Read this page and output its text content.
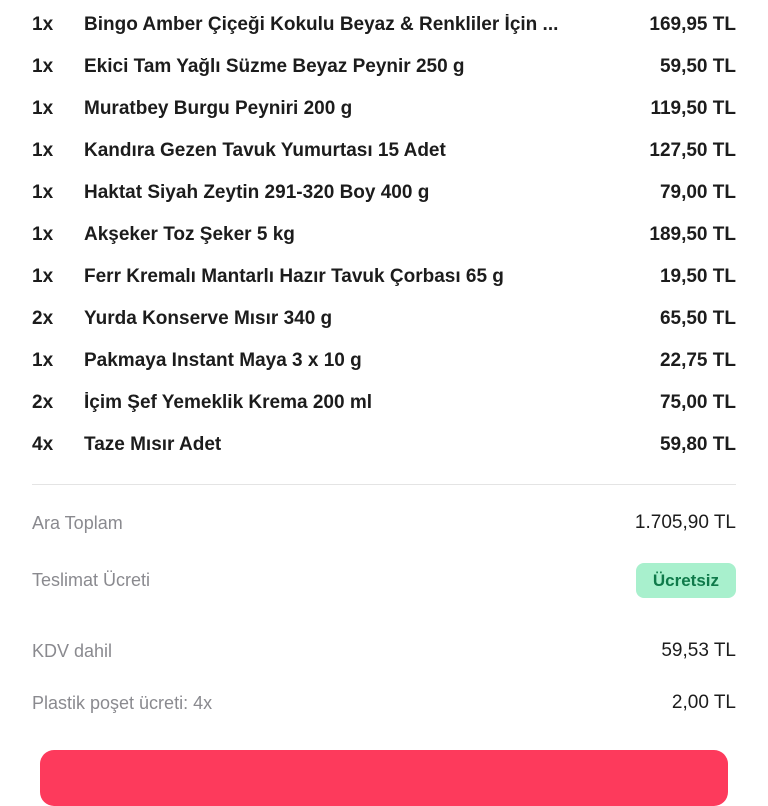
1x	Bingo Amber Çiçeği Kokulu Beyaz & Renkliler İçin ...	169,95 TL
1x	Ekici Tam Yağlı Süzme Beyaz Peynir 250 g	59,50 TL
1x	Muratbey Burgu Peyniri 200 g	119,50 TL
1x	Kandıra Gezen Tavuk Yumurtası 15 Adet	127,50 TL
1x	Haktat Siyah Zeytin 291-320 Boy 400 g	79,00 TL
1x	Akşeker Toz Şeker 5 kg	189,50 TL
1x	Ferr Kremalı Mantarlı Hazır Tavuk Çorbası 65 g	19,50 TL
2x	Yurda Konserve Mısır 340 g	65,50 TL
1x	Pakmaya Instant Maya 3 x 10 g	22,75 TL
2x	İçim Şef Yemeklik Krema 200 ml	75,00 TL
4x	Taze Mısır Adet	59,80 TL
Ara Toplam	1.705,90 TL
Teslimat Ücreti	Ücretsiz
KDV dahil	59,53 TL
Plastik poşet ücreti: 4x	2,00 TL
